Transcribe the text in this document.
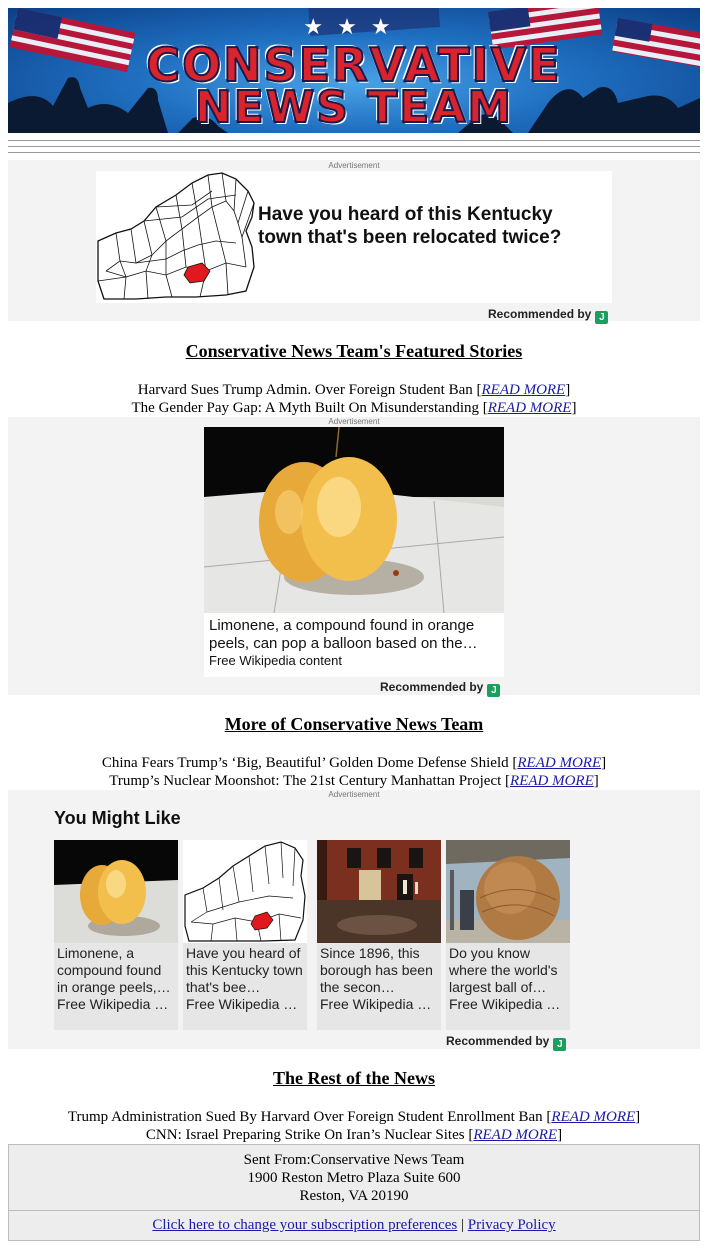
★★★
CONSERVATIVE
NEWS TEAM
Advertisement
Have you heard of this Kentucky town that's been relocated twice?
Recommended by J
Conservative News Team's Featured Stories
Harvard Sues Trump Admin. Over Foreign Student Ban [READ MORE]
The Gender Pay Gap: A Myth Built On Misunderstanding [READ MORE]
Advertisement
Limonene, a compound found in orange peels, can pop a balloon based on the…
Free Wikipedia content
Recommended by J
More of Conservative News Team
China Fears Trump’s ‘Big, Beautiful’ Golden Dome Defense Shield [READ MORE]
Trump’s Nuclear Moonshot: The 21st Century Manhattan Project [READ MORE]
Advertisement
You Might Like
Limonene, a compound found in orange peels,…
Free Wikipedia c…
Have you heard of this Kentucky town that's bee…
Free Wikipedia c…
Since 1896, this borough has been the secon…
Free Wikipedia c…
Do you know where the world's largest ball of…
Free Wikipedia c…
Recommended by J
The Rest of the News
Trump Administration Sued By Harvard Over Foreign Student Enrollment Ban [READ MORE]
CNN: Israel Preparing Strike On Iran’s Nuclear Sites [READ MORE]
Sent From:Conservative News Team
1900 Reston Metro Plaza Suite 600
Reston, VA 20190
Click here to change your subscription preferences | Privacy Policy
